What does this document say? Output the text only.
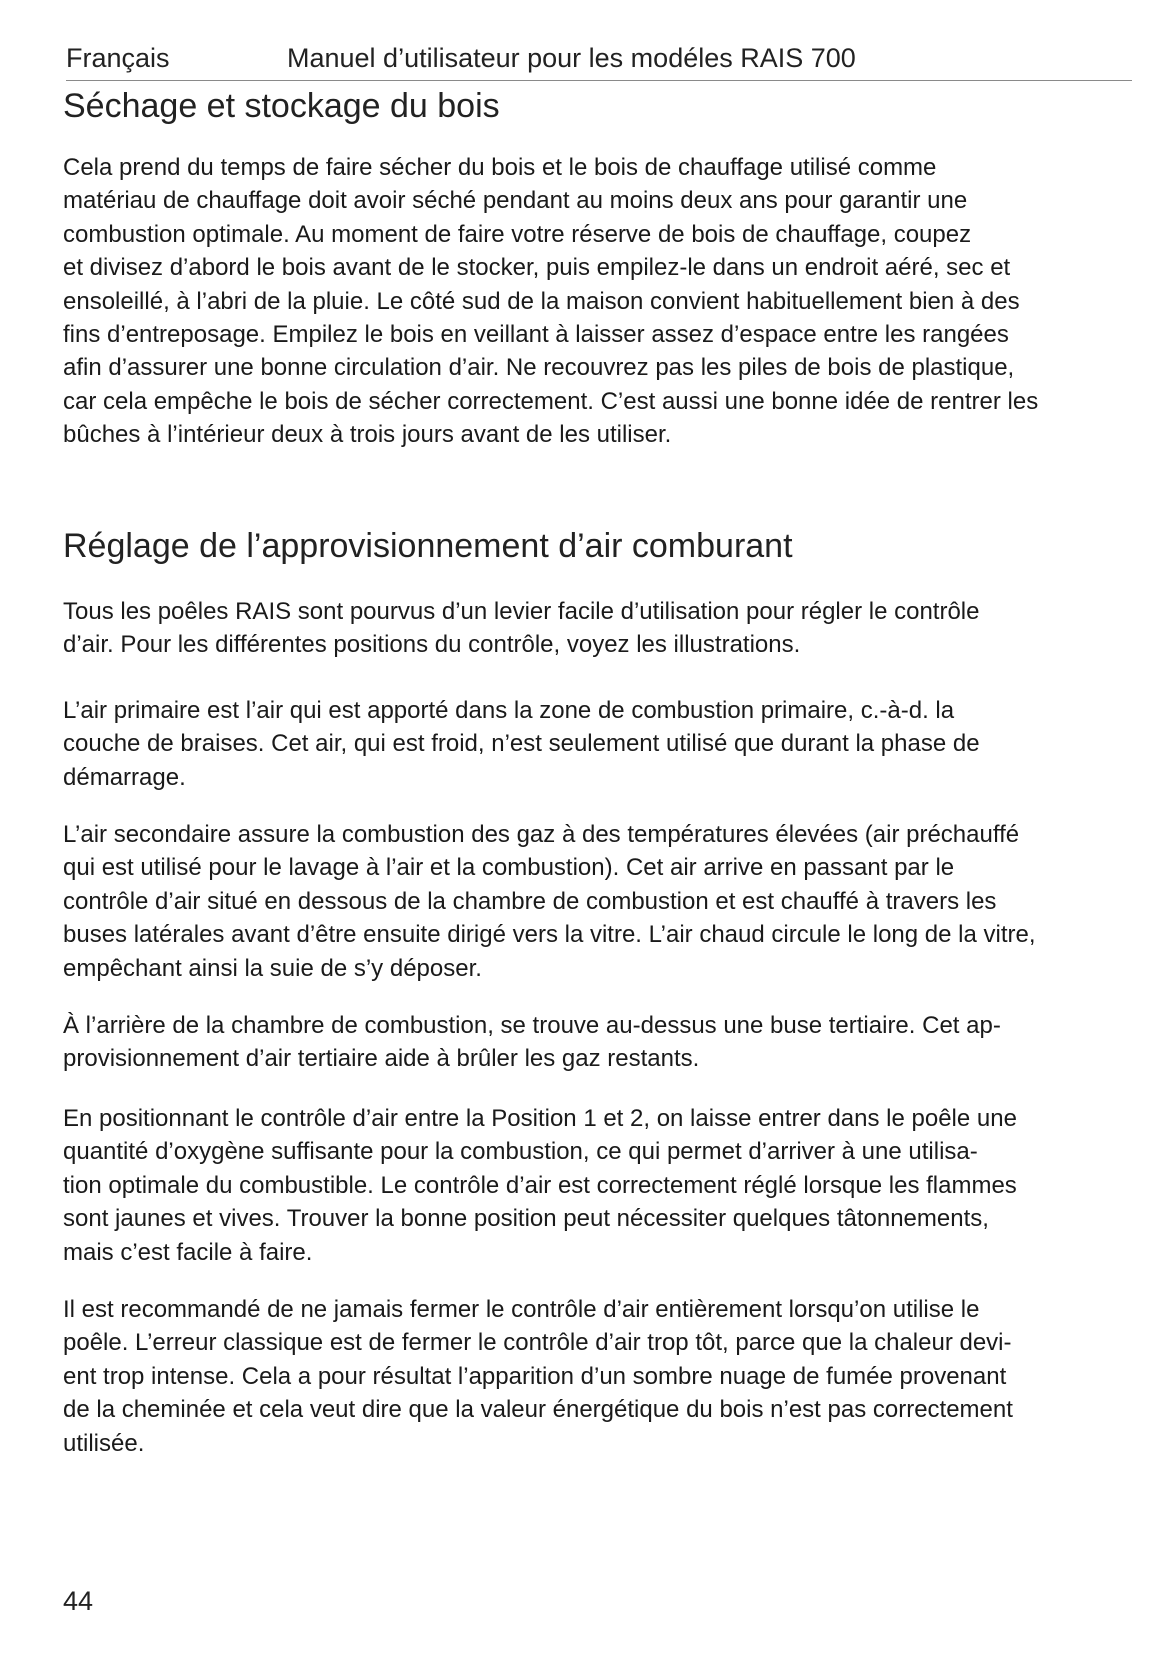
Français	Manuel d’utilisateur pour les modéles RAIS 700
Séchage et stockage du bois

Cela prend du temps de faire sécher du bois et le bois de chauffage utilisé comme
matériau de chauffage doit avoir séché pendant au moins deux ans pour garantir une
combustion optimale. Au moment de faire votre réserve de bois de chauffage, coupez
et divisez d’abord le bois avant de le stocker, puis empilez-le dans un endroit aéré, sec et
ensoleillé, à l’abri de la pluie. Le côté sud de la maison convient habituellement bien à des
fins d’entreposage. Empilez le bois en veillant à laisser assez d’espace entre les rangées
afin d’assurer une bonne circulation d’air. Ne recouvrez pas les piles de bois de plastique,
car cela empêche le bois de sécher correctement. C’est aussi une bonne idée de rentrer les
bûches à l’intérieur deux à trois jours avant de les utiliser.

Réglage de l’approvisionnement d’air comburant

Tous les poêles RAIS sont pourvus d’un levier facile d’utilisation pour régler le contrôle
d’air. Pour les différentes positions du contrôle, voyez les illustrations.

L’air primaire est l’air qui est apporté dans la zone de combustion primaire, c.-à-d. la
couche de braises. Cet air, qui est froid, n’est seulement utilisé que durant la phase de
démarrage.

L’air secondaire assure la combustion des gaz à des températures élevées (air préchauffé
qui est utilisé pour le lavage à l’air et la combustion). Cet air arrive en passant par le
contrôle d’air situé en dessous de la chambre de combustion et est chauffé à travers les
buses latérales avant d’être ensuite dirigé vers la vitre. L’air chaud circule le long de la vitre,
empêchant ainsi la suie de s’y déposer.

À l’arrière de la chambre de combustion, se trouve au-dessus une buse tertiaire. Cet ap-
provisionnement d’air tertiaire aide à brûler les gaz restants.

En positionnant le contrôle d’air entre la Position 1 et 2, on laisse entrer dans le poêle une
quantité d’oxygène suffisante pour la combustion, ce qui permet d’arriver à une utilisa-
tion optimale du combustible. Le contrôle d’air est correctement réglé lorsque les flammes
sont jaunes et vives. Trouver la bonne position peut nécessiter quelques tâtonnements,
mais c’est facile à faire.

Il est recommandé de ne jamais fermer le contrôle d’air entièrement lorsqu’on utilise le
poêle. L’erreur classique est de fermer le contrôle d’air trop tôt, parce que la chaleur devi-
ent trop intense. Cela a pour résultat l’apparition d’un sombre nuage de fumée provenant
de la cheminée et cela veut dire que la valeur énergétique du bois n’est pas correctement
utilisée.

44
